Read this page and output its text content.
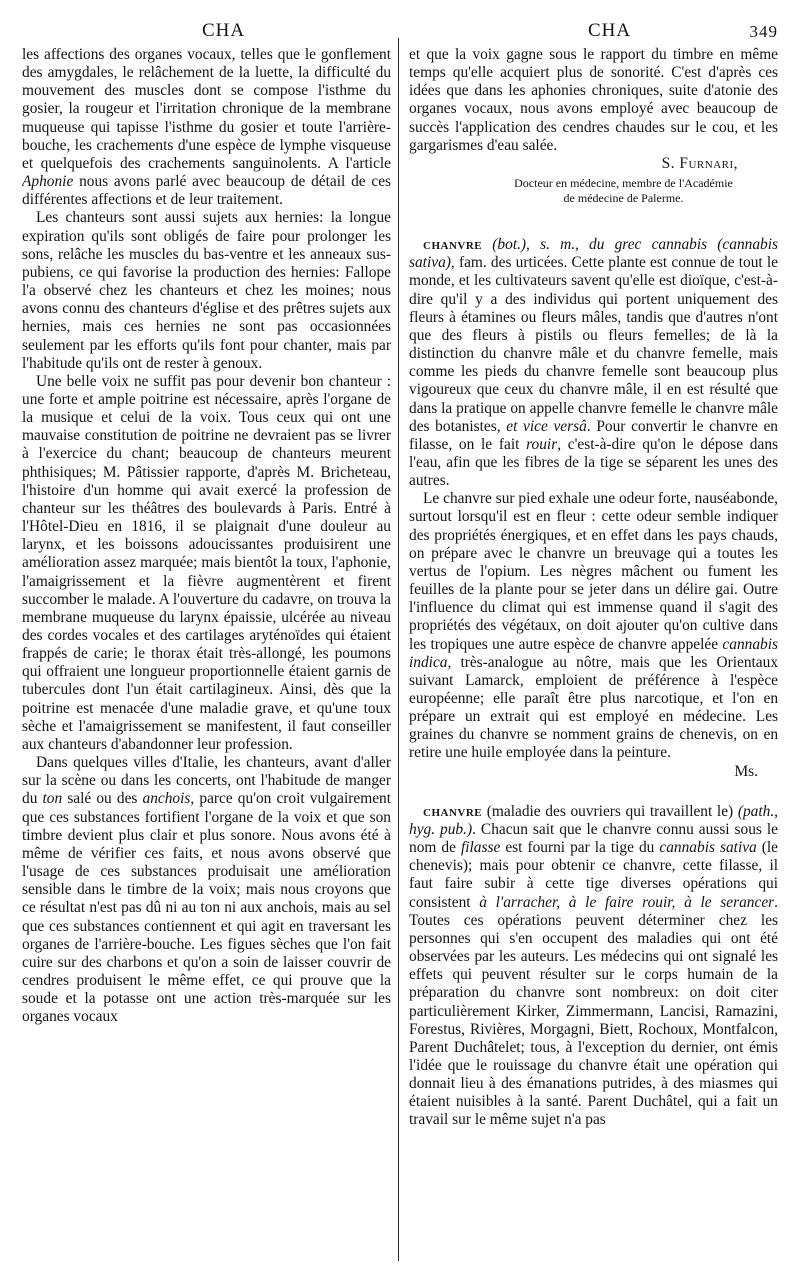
CHA	CHA	349

les affections des organes vocaux, telles que le gonflement des amygdales, le relâchement de la luette, la difficulté du mouvement des muscles dont se compose l'isthme du gosier, la rougeur et l'irritation chronique de la membrane muqueuse qui tapisse l'isthme du gosier et toute l'arrière-bouche, les crachements d'une espèce de lymphe visqueuse et quelquefois des crachements sanguinolents. A l'article Aphonie nous avons parlé avec beaucoup de détail de ces différentes affections et de leur traitement.

Les chanteurs sont aussi sujets aux hernies: la longue expiration qu'ils sont obligés de faire pour prolonger les sons, relâche les muscles du bas-ventre et les anneaux sus-pubiens, ce qui favorise la production des hernies: Fallope l'a observé chez les chanteurs et chez les moines; nous avons connu des chanteurs d'église et des prêtres sujets aux hernies, mais ces hernies ne sont pas occasionnées seulement par les efforts qu'ils font pour chanter, mais par l'habitude qu'ils ont de rester à genoux.

Une belle voix ne suffit pas pour devenir bon chanteur : une forte et ample poitrine est nécessaire, après l'organe de la musique et celui de la voix. Tous ceux qui ont une mauvaise constitution de poitrine ne devraient pas se livrer à l'exercice du chant; beaucoup de chanteurs meurent phthisiques; M. Pâtissier rapporte, d'après M. Bricheteau, l'histoire d'un homme qui avait exercé la profession de chanteur sur les théâtres des boulevards à Paris. Entré à l'Hôtel-Dieu en 1816, il se plaignait d'une douleur au larynx, et les boissons adoucissantes produisirent une amélioration assez marquée; mais bientôt la toux, l'aphonie, l'amaigrissement et la fièvre augmentèrent et firent succomber le malade. A l'ouverture du cadavre, on trouva la membrane muqueuse du larynx épaissie, ulcérée au niveau des cordes vocales et des cartilages aryténoïdes qui étaient frappés de carie; le thorax était très-allongé, les poumons qui offraient une longueur proportionnelle étaient garnis de tubercules dont l'un était cartilagineux. Ainsi, dès que la poitrine est menacée d'une maladie grave, et qu'une toux sèche et l'amaigrissement se manifestent, il faut conseiller aux chanteurs d'abandonner leur profession.

Dans quelques villes d'Italie, les chanteurs, avant d'aller sur la scène ou dans les concerts, ont l'habitude de manger du ton salé ou des anchois, parce qu'on croit vulgairement que ces substances fortifient l'organe de la voix et que son timbre devient plus clair et plus sonore. Nous avons été à même de vérifier ces faits, et nous avons observé que l'usage de ces substances produisait une amélioration sensible dans le timbre de la voix; mais nous croyons que ce résultat n'est pas dû ni au ton ni aux anchois, mais au sel que ces substances contiennent et qui agit en traversant les organes de l'arrière-bouche. Les figues sèches que l'on fait cuire sur des charbons et qu'on a soin de laisser couvrir de cendres produisent le même effet, ce qui prouve que la soude et la potasse ont une action très-marquée sur les organes vocaux

et que la voix gagne sous le rapport du timbre en même temps qu'elle acquiert plus de sonorité. C'est d'après ces idées que dans les aphonies chroniques, suite d'atonie des organes vocaux, nous avons employé avec beaucoup de succès l'application des cendres chaudes sur le cou, et les gargarismes d'eau salée.

S. Furnari,

Docteur en médecine, membre de l'Académie
de médecine de Palerme.

chanvre (bot.), s. m., du grec cannabis (cannabis sativa), fam. des urticées. Cette plante est connue de tout le monde, et les cultivateurs savent qu'elle est dioïque, c'est-à-dire qu'il y a des individus qui portent uniquement des fleurs à étamines ou fleurs mâles, tandis que d'autres n'ont que des fleurs à pistils ou fleurs femelles; de là la distinction du chanvre mâle et du chanvre femelle, mais comme les pieds du chanvre femelle sont beaucoup plus vigoureux que ceux du chanvre mâle, il en est résulté que dans la pratique on appelle chanvre femelle le chanvre mâle des botanistes, et vice versâ. Pour convertir le chanvre en filasse, on le fait rouir, c'est-à-dire qu'on le dépose dans l'eau, afin que les fibres de la tige se séparent les unes des autres.

Le chanvre sur pied exhale une odeur forte, nauséabonde, surtout lorsqu'il est en fleur : cette odeur semble indiquer des propriétés énergiques, et en effet dans les pays chauds, on prépare avec le chanvre un breuvage qui a toutes les vertus de l'opium. Les nègres mâchent ou fument les feuilles de la plante pour se jeter dans un délire gai. Outre l'influence du climat qui est immense quand il s'agit des propriétés des végétaux, on doit ajouter qu'on cultive dans les tropiques une autre espèce de chanvre appelée cannabis indica, très-analogue au nôtre, mais que les Orientaux suivant Lamarck, emploient de préférence à l'espèce européenne; elle paraît être plus narcotique, et l'on en prépare un extrait qui est employé en médecine. Les graines du chanvre se nomment grains de chenevis, on en retire une huile employée dans la peinture.

Ms.

chanvre (maladie des ouvriers qui travaillent le) (path., hyg. pub.). Chacun sait que le chanvre connu aussi sous le nom de filasse est fourni par la tige du cannabis sativa (le chenevis); mais pour obtenir ce chanvre, cette filasse, il faut faire subir à cette tige diverses opérations qui consistent à l'arracher, à le faire rouir, à le serancer. Toutes ces opérations peuvent déterminer chez les personnes qui s'en occupent des maladies qui ont été observées par les auteurs. Les médecins qui ont signalé les effets qui peuvent résulter sur le corps humain de la préparation du chanvre sont nombreux: on doit citer particulièrement Kirker, Zimmermann, Lancisi, Ramazini, Forestus, Rivières, Morgagni, Biett, Rochoux, Montfalcon, Parent Duchâtelet; tous, à l'exception du dernier, ont émis l'idée que le rouissage du chanvre était une opération qui donnait lieu à des émanations putrides, à des miasmes qui étaient nuisibles à la santé. Parent Duchâtel, qui a fait un travail sur le même sujet n'a pas
